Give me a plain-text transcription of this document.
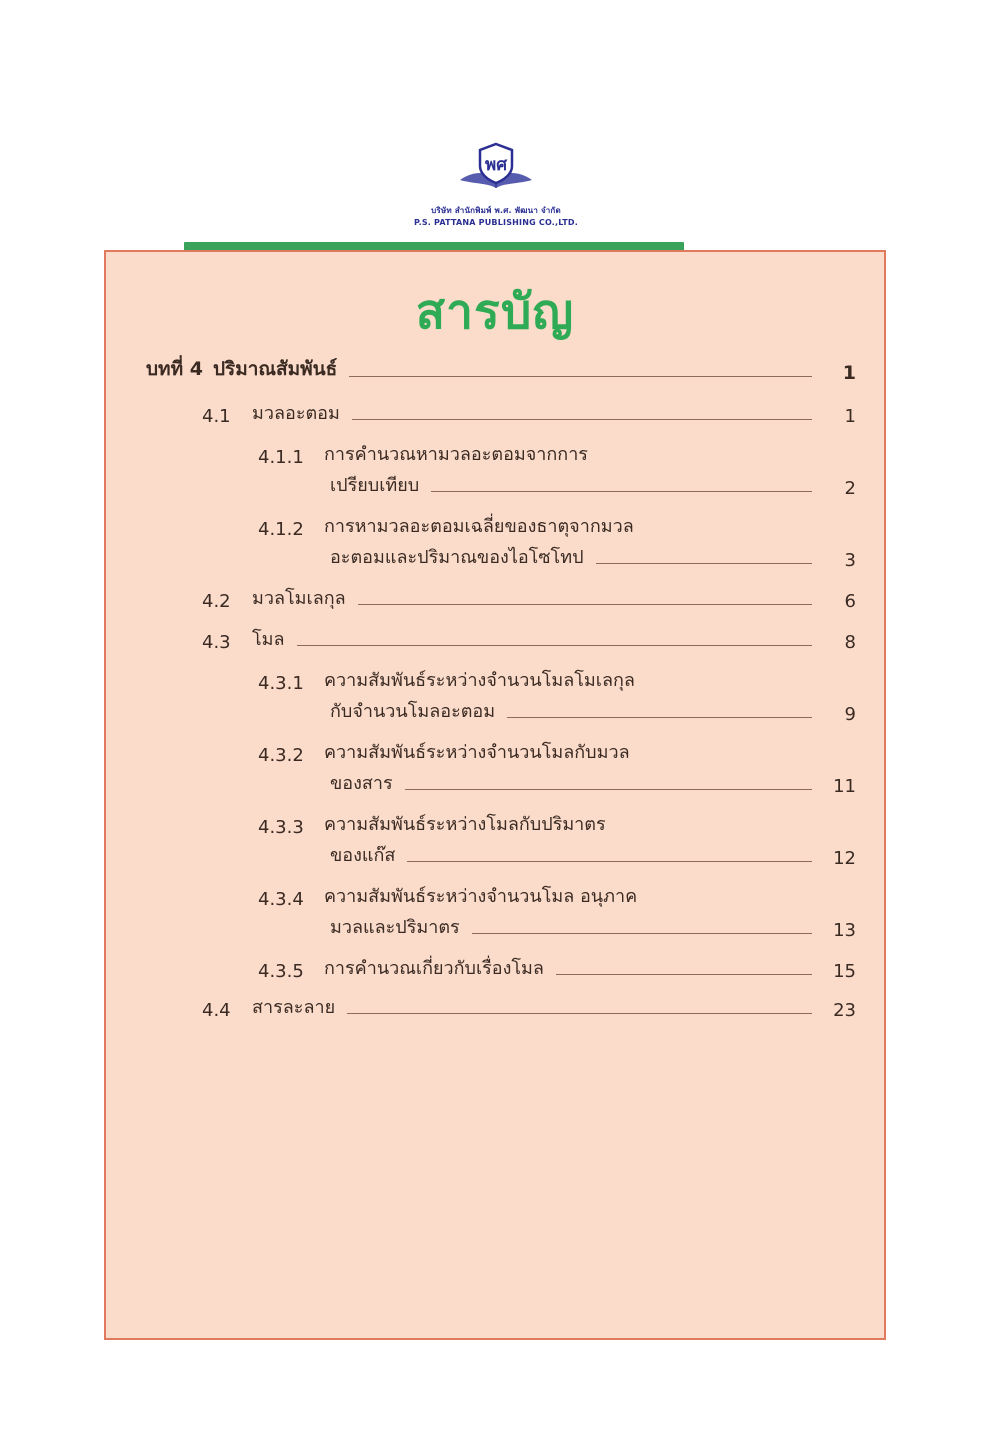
พศ
บริษัท สำนักพิมพ์ พ.ศ. พัฒนา จำกัด
P.S. PATTANA PUBLISHING CO.,LTD.
สารบัญ
บทที่ 4 ปริมาณสัมพันธ์	1
4.1	มวลอะตอม	1
4.1.1	การคำนวณหามวลอะตอมจากการ
เปรียบเทียบ	2
4.1.2	การหามวลอะตอมเฉลี่ยของธาตุจากมวล
อะตอมและปริมาณของไอโซโทป	3
4.2	มวลโมเลกุล	6
4.3	โมล	8
4.3.1	ความสัมพันธ์ระหว่างจำนวนโมลโมเลกุล
กับจำนวนโมลอะตอม	9
4.3.2	ความสัมพันธ์ระหว่างจำนวนโมลกับมวล
ของสาร	11
4.3.3	ความสัมพันธ์ระหว่างโมลกับปริมาตร
ของแก๊ส	12
4.3.4	ความสัมพันธ์ระหว่างจำนวนโมล อนุภาค
มวลและปริมาตร	13
4.3.5	การคำนวณเกี่ยวกับเรื่องโมล	15
4.4	สารละลาย	23
